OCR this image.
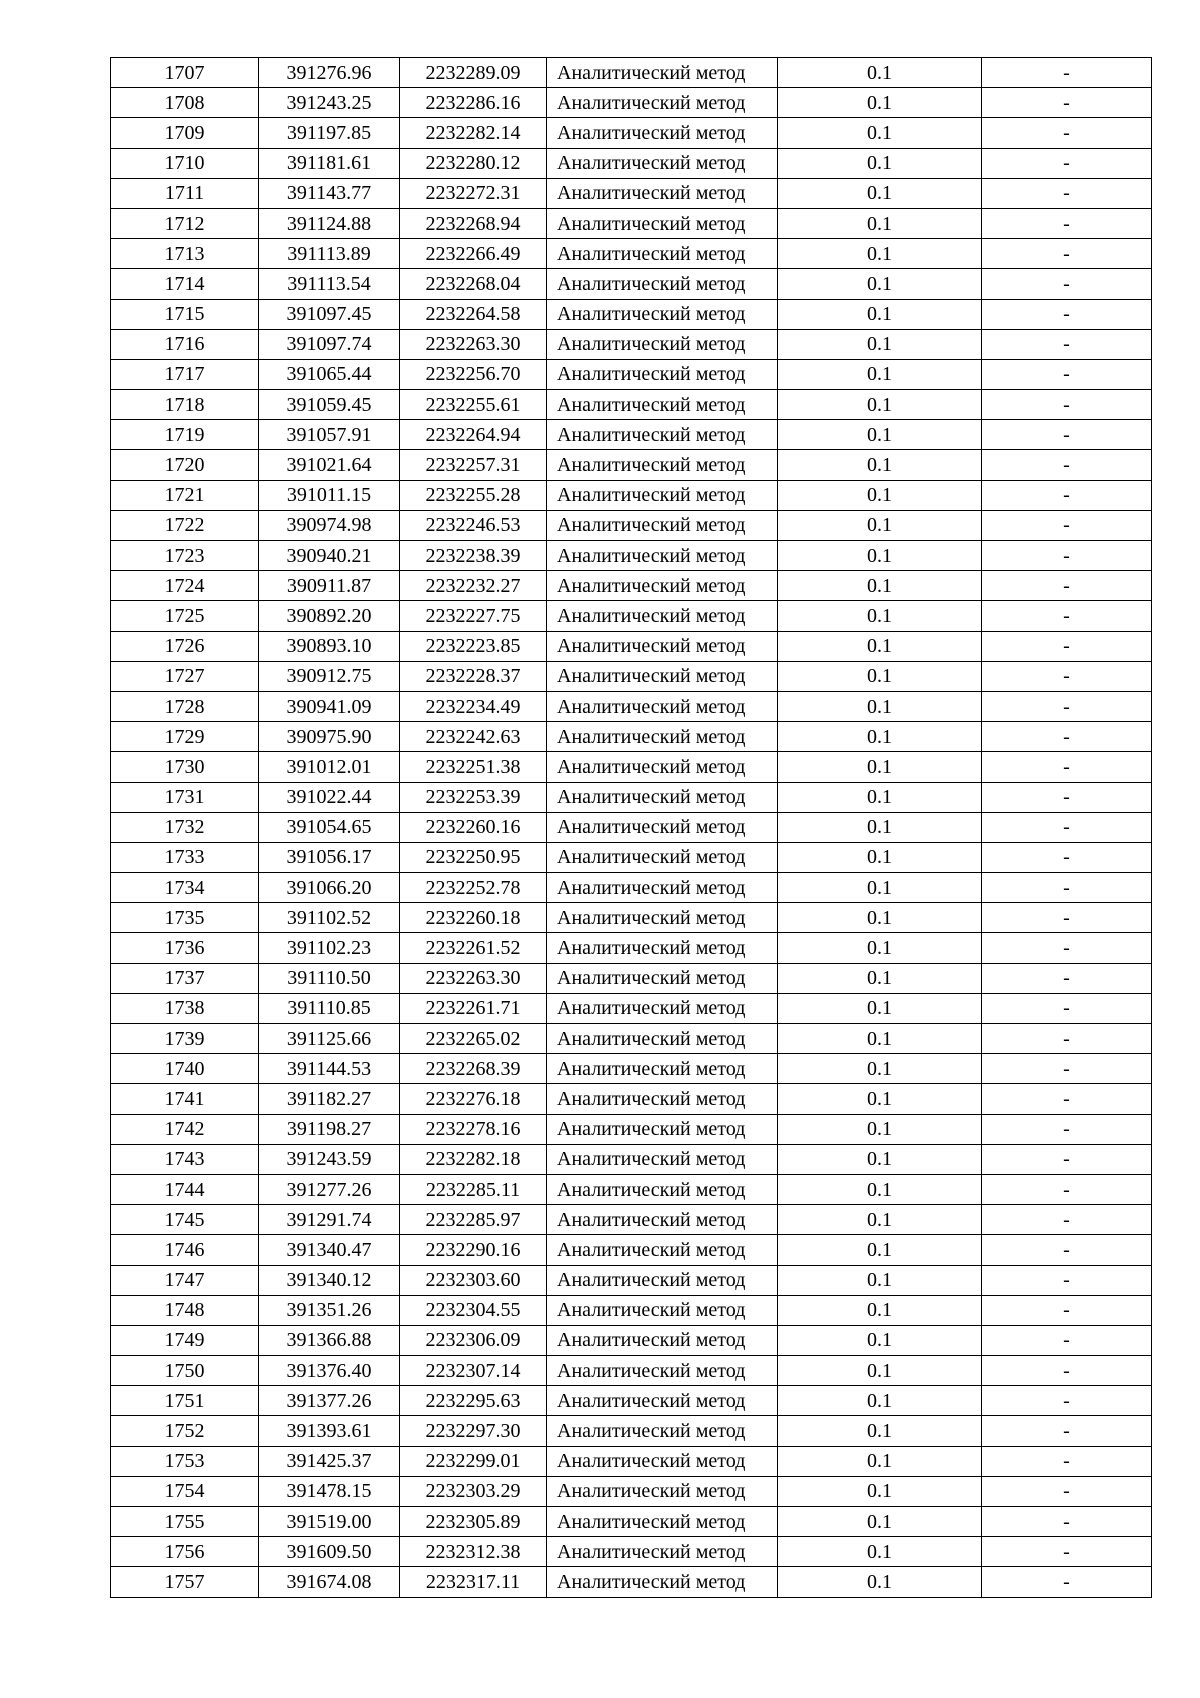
1707	391276.96	2232289.09	Аналитический метод	0.1	-
1708	391243.25	2232286.16	Аналитический метод	0.1	-
1709	391197.85	2232282.14	Аналитический метод	0.1	-
1710	391181.61	2232280.12	Аналитический метод	0.1	-
1711	391143.77	2232272.31	Аналитический метод	0.1	-
1712	391124.88	2232268.94	Аналитический метод	0.1	-
1713	391113.89	2232266.49	Аналитический метод	0.1	-
1714	391113.54	2232268.04	Аналитический метод	0.1	-
1715	391097.45	2232264.58	Аналитический метод	0.1	-
1716	391097.74	2232263.30	Аналитический метод	0.1	-
1717	391065.44	2232256.70	Аналитический метод	0.1	-
1718	391059.45	2232255.61	Аналитический метод	0.1	-
1719	391057.91	2232264.94	Аналитический метод	0.1	-
1720	391021.64	2232257.31	Аналитический метод	0.1	-
1721	391011.15	2232255.28	Аналитический метод	0.1	-
1722	390974.98	2232246.53	Аналитический метод	0.1	-
1723	390940.21	2232238.39	Аналитический метод	0.1	-
1724	390911.87	2232232.27	Аналитический метод	0.1	-
1725	390892.20	2232227.75	Аналитический метод	0.1	-
1726	390893.10	2232223.85	Аналитический метод	0.1	-
1727	390912.75	2232228.37	Аналитический метод	0.1	-
1728	390941.09	2232234.49	Аналитический метод	0.1	-
1729	390975.90	2232242.63	Аналитический метод	0.1	-
1730	391012.01	2232251.38	Аналитический метод	0.1	-
1731	391022.44	2232253.39	Аналитический метод	0.1	-
1732	391054.65	2232260.16	Аналитический метод	0.1	-
1733	391056.17	2232250.95	Аналитический метод	0.1	-
1734	391066.20	2232252.78	Аналитический метод	0.1	-
1735	391102.52	2232260.18	Аналитический метод	0.1	-
1736	391102.23	2232261.52	Аналитический метод	0.1	-
1737	391110.50	2232263.30	Аналитический метод	0.1	-
1738	391110.85	2232261.71	Аналитический метод	0.1	-
1739	391125.66	2232265.02	Аналитический метод	0.1	-
1740	391144.53	2232268.39	Аналитический метод	0.1	-
1741	391182.27	2232276.18	Аналитический метод	0.1	-
1742	391198.27	2232278.16	Аналитический метод	0.1	-
1743	391243.59	2232282.18	Аналитический метод	0.1	-
1744	391277.26	2232285.11	Аналитический метод	0.1	-
1745	391291.74	2232285.97	Аналитический метод	0.1	-
1746	391340.47	2232290.16	Аналитический метод	0.1	-
1747	391340.12	2232303.60	Аналитический метод	0.1	-
1748	391351.26	2232304.55	Аналитический метод	0.1	-
1749	391366.88	2232306.09	Аналитический метод	0.1	-
1750	391376.40	2232307.14	Аналитический метод	0.1	-
1751	391377.26	2232295.63	Аналитический метод	0.1	-
1752	391393.61	2232297.30	Аналитический метод	0.1	-
1753	391425.37	2232299.01	Аналитический метод	0.1	-
1754	391478.15	2232303.29	Аналитический метод	0.1	-
1755	391519.00	2232305.89	Аналитический метод	0.1	-
1756	391609.50	2232312.38	Аналитический метод	0.1	-
1757	391674.08	2232317.11	Аналитический метод	0.1	-
